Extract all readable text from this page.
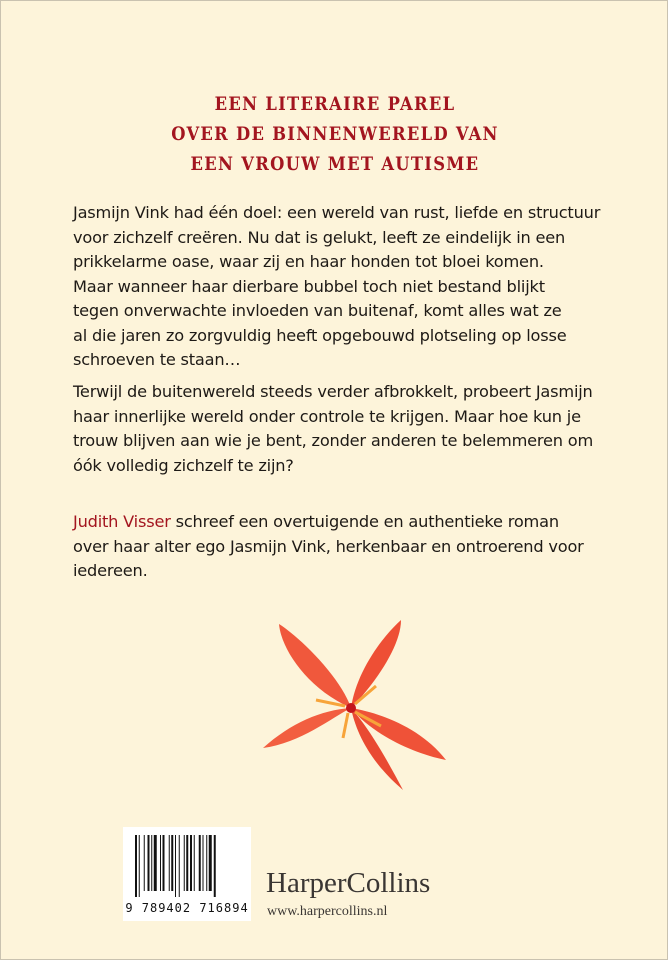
EEN LITERAIRE PAREL
OVER DE BINNENWERELD VAN
EEN VROUW MET AUTISME
Jasmijn Vink had één doel: een wereld van rust, liefde en structuur
voor zichzelf creëren. Nu dat is gelukt, leeft ze eindelijk in een
prikkelarme oase, waar zij en haar honden tot bloei komen.
Maar wanneer haar dierbare bubbel toch niet bestand blijkt
tegen onverwachte invloeden van buitenaf, komt alles wat ze
al die jaren zo zorgvuldig heeft opgebouwd plotseling op losse
schroeven te staan…
Terwijl de buitenwereld steeds verder afbrokkelt, probeert Jasmijn
haar innerlijke wereld onder controle te krijgen. Maar hoe kun je
trouw blijven aan wie je bent, zonder anderen te belemmeren om
óók volledig zichzelf te zijn?
Judith Visser schreef een overtuigende en authentieke roman
over haar alter ego Jasmijn Vink, herkenbaar en ontroerend voor
iedereen.
9 789402 716894
HarperCollins
www.harpercollins.nl
